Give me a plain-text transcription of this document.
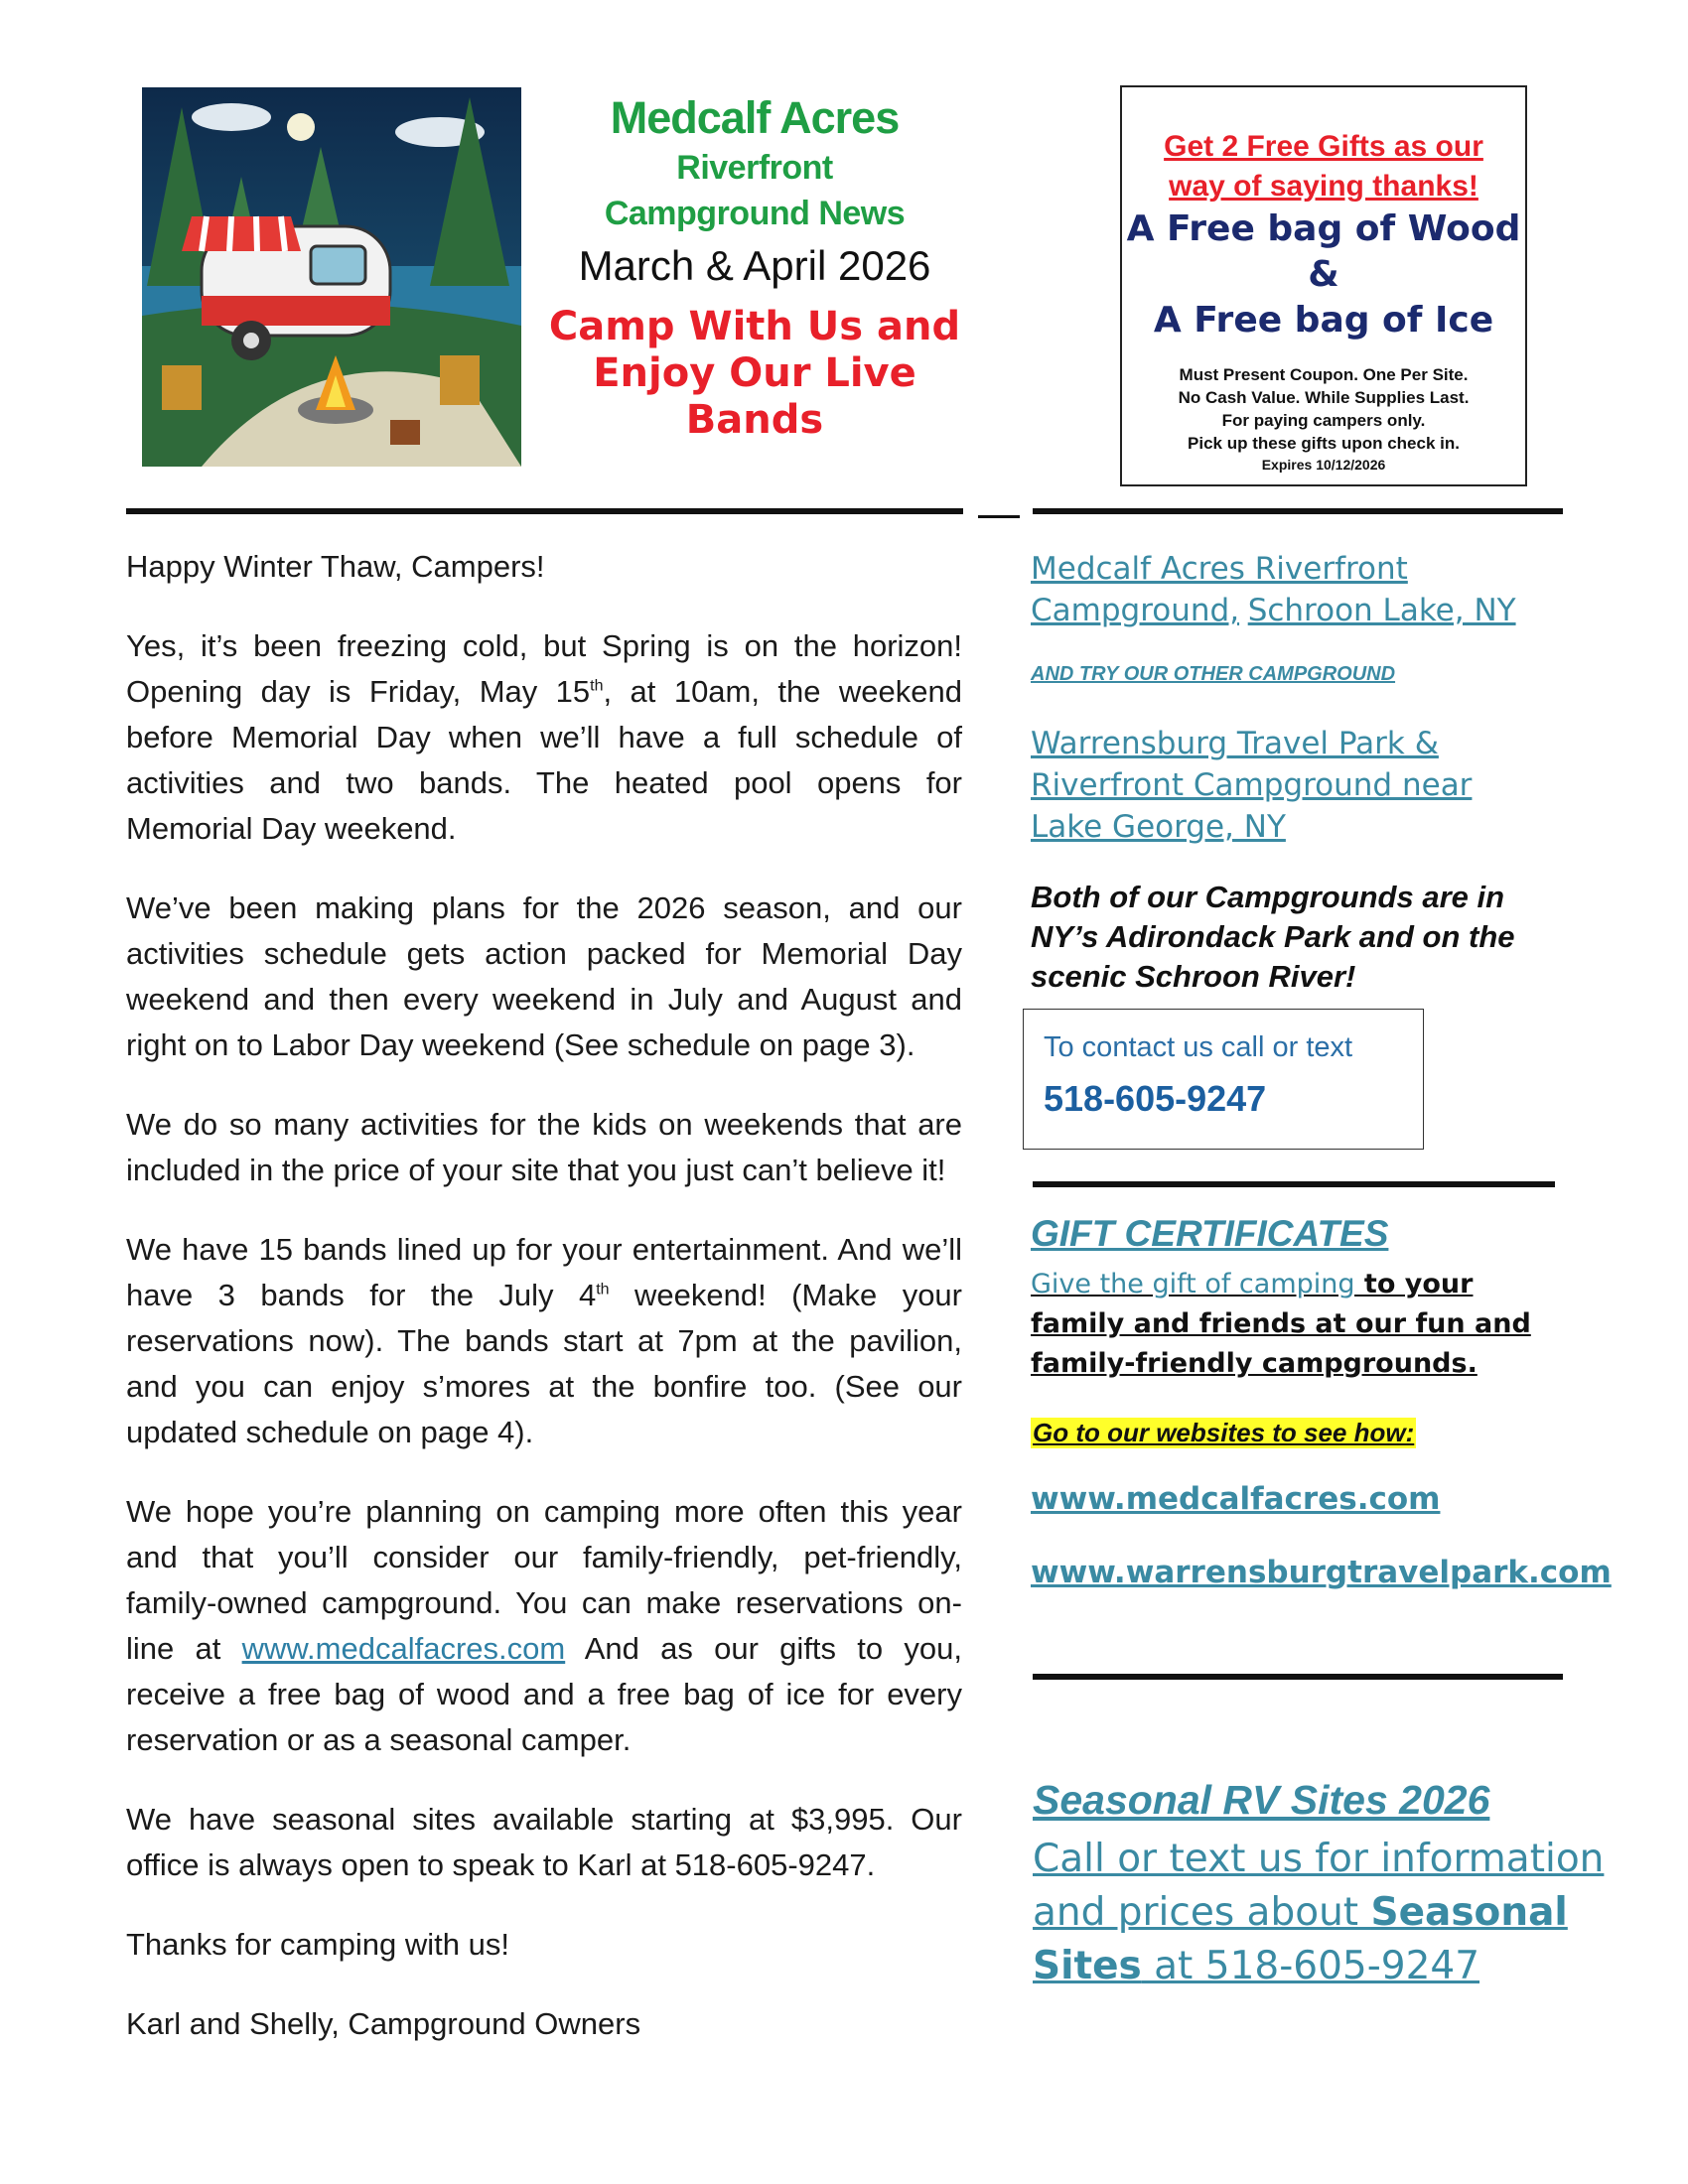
Medcalf Acres
Riverfront
Campground News
March & April 2026
Camp With Us and
Enjoy Our Live
Bands
Get 2 Free Gifts as our
way of saying thanks!
A Free bag of Wood
&
A Free bag of Ice
Must Present Coupon. One Per Site.
No Cash Value. While Supplies Last.
For paying campers only.
Pick up these gifts upon check in.
Expires 10/12/2026

Happy Winter Thaw, Campers!

Yes, it’s been freezing cold, but Spring is on the horizon! Opening day is Friday, May 15th, at 10am, the weekend before Memorial Day when we’ll have a full schedule of activities and two bands. The heated pool opens for Memorial Day weekend.

We’ve been making plans for the 2026 season, and our activities schedule gets action packed for Memorial Day weekend and then every weekend in July and August and right on to Labor Day weekend (See schedule on page 3).

We do so many activities for the kids on weekends that are included in the price of your site that you just can’t believe it!

We have 15 bands lined up for your entertainment. And we’ll have 3 bands for the July 4th weekend! (Make your reservations now). The bands start at 7pm at the pavilion, and you can enjoy s’mores at the bonfire too. (See our updated schedule on page 4).

We hope you’re planning on camping more often this year and that you’ll consider our family-friendly, pet-friendly, family-owned campground. You can make reservations on-line at www.medcalfacres.com And as our gifts to you, receive a free bag of wood and a free bag of ice for every reservation or as a seasonal camper.

We have seasonal sites available starting at $3,995. Our office is always open to speak to Karl at 518-605-9247.

Thanks for camping with us!

Karl and Shelly, Campground Owners

Medcalf Acres Riverfront
Campground, Schroon Lake, NY
AND TRY OUR OTHER CAMPGROUND
Warrensburg Travel Park &
Riverfront Campground near
Lake George, NY
Both of our Campgrounds are in NY’s Adirondack Park and on the scenic Schroon River!
To contact us call or text
518-605-9247
GIFT CERTIFICATES
Give the gift of camping to your family and friends at our fun and family-friendly campgrounds.
Go to our websites to see how:
www.medcalfacres.com
www.warrensburgtravelpark.com
Seasonal RV Sites 2026
Call or text us for information and prices about Seasonal Sites at 518-605-9247
